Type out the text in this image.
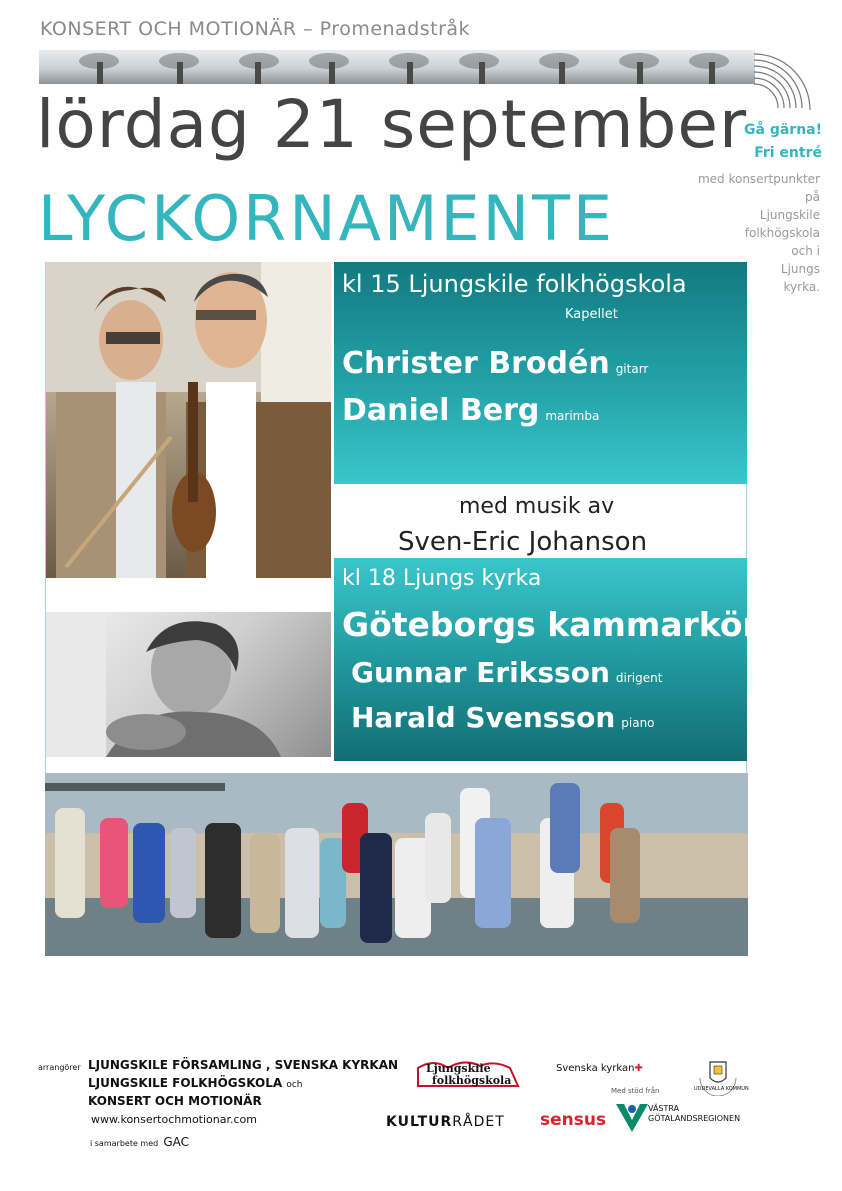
KONSERT OCH MOTIONÄR – Promenadstråk
lördag 21 september
Gå gärna!
Fri entré
med konsertpunkter
på
Ljungskile
folkhögskola
och i
Ljungs
kyrka.
LYCKORNAMENTE
kl 15 Ljungskile folkhögskola
Kapellet
Christer Brodén gitarr
Daniel Berg marimba
med musik av
Sven-Eric Johanson
kl 18 Ljungs kyrka
Göteborgs kammarkör
Gunnar Eriksson dirigent
Harald Svensson piano
arrangörer LJUNGSKILE FÖRSAMLING , SVENSKA KYRKAN
LJUNGSKILE FOLKHÖGSKOLA och
KONSERT OCH MOTIONÄR
www.konsertochmotionar.com
i samarbete med GAC
Ljungskile
folkhögskola
Svenska kyrkan✚
UDDEVALLA KOMMUN
Med stöd från
KULTURRÅDET sensus
VÄSTRA
GÖTALANDSREGIONEN
